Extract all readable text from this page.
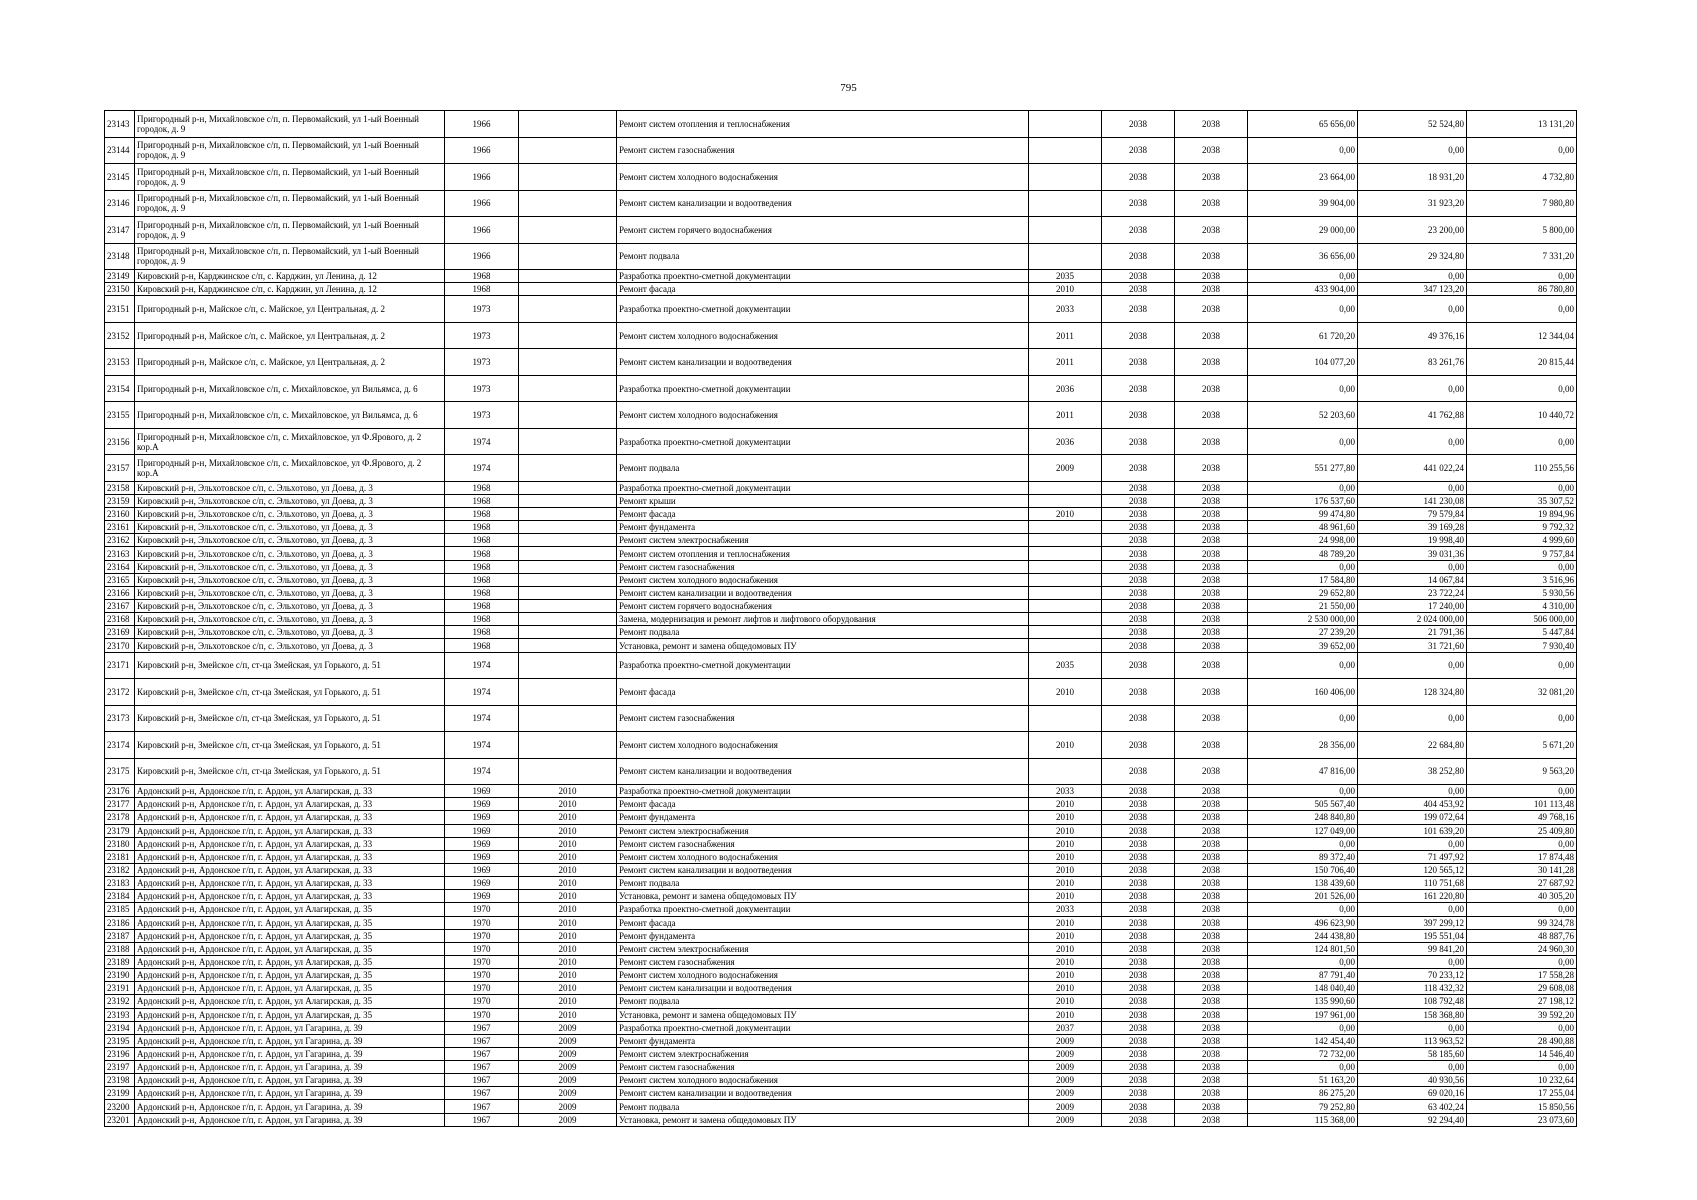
795
23143	Пригородный р-н, Михайловское с/п, п. Первомайский, ул 1-ый Военный городок, д. 9	1966		Ремонт систем отопления и теплоснабжения		2038	2038	65 656,00	52 524,80	13 131,20
23144	Пригородный р-н, Михайловское с/п, п. Первомайский, ул 1-ый Военный городок, д. 9	1966		Ремонт систем газоснабжения		2038	2038	0,00	0,00	0,00
23145	Пригородный р-н, Михайловское с/п, п. Первомайский, ул 1-ый Военный городок, д. 9	1966		Ремонт систем холодного водоснабжения		2038	2038	23 664,00	18 931,20	4 732,80
23146	Пригородный р-н, Михайловское с/п, п. Первомайский, ул 1-ый Военный городок, д. 9	1966		Ремонт систем канализации и водоотведения		2038	2038	39 904,00	31 923,20	7 980,80
23147	Пригородный р-н, Михайловское с/п, п. Первомайский, ул 1-ый Военный городок, д. 9	1966		Ремонт систем горячего водоснабжения		2038	2038	29 000,00	23 200,00	5 800,00
23148	Пригородный р-н, Михайловское с/п, п. Первомайский, ул 1-ый Военный городок, д. 9	1966		Ремонт подвала		2038	2038	36 656,00	29 324,80	7 331,20
23149	Кировский р-н, Карджинское с/п, с. Карджин, ул Ленина, д. 12	1968		Разработка проектно-сметной документации	2035	2038	2038	0,00	0,00	0,00
23150	Кировский р-н, Карджинское с/п, с. Карджин, ул Ленина, д. 12	1968		Ремонт фасада	2010	2038	2038	433 904,00	347 123,20	86 780,80
23151	Пригородный р-н, Майское с/п, с. Майское, ул Центральная, д. 2	1973		Разработка проектно-сметной документации	2033	2038	2038	0,00	0,00	0,00
23152	Пригородный р-н, Майское с/п, с. Майское, ул Центральная, д. 2	1973		Ремонт систем холодного водоснабжения	2011	2038	2038	61 720,20	49 376,16	12 344,04
23153	Пригородный р-н, Майское с/п, с. Майское, ул Центральная, д. 2	1973		Ремонт систем канализации и водоотведения	2011	2038	2038	104 077,20	83 261,76	20 815,44
23154	Пригородный р-н, Михайловское с/п, с. Михайловское, ул Вильямса, д. 6	1973		Разработка проектно-сметной документации	2036	2038	2038	0,00	0,00	0,00
23155	Пригородный р-н, Михайловское с/п, с. Михайловское, ул Вильямса, д. 6	1973		Ремонт систем холодного водоснабжения	2011	2038	2038	52 203,60	41 762,88	10 440,72
23156	Пригородный р-н, Михайловское с/п, с. Михайловское, ул Ф.Ярового, д. 2 кор.А	1974		Разработка проектно-сметной документации	2036	2038	2038	0,00	0,00	0,00
23157	Пригородный р-н, Михайловское с/п, с. Михайловское, ул Ф.Ярового, д. 2 кор.А	1974		Ремонт подвала	2009	2038	2038	551 277,80	441 022,24	110 255,56
23158	Кировский р-н, Эльхотовское с/п, с. Эльхотово, ул Доева, д. 3	1968		Разработка проектно-сметной документации		2038	2038	0,00	0,00	0,00
23159	Кировский р-н, Эльхотовское с/п, с. Эльхотово, ул Доева, д. 3	1968		Ремонт крыши		2038	2038	176 537,60	141 230,08	35 307,52
23160	Кировский р-н, Эльхотовское с/п, с. Эльхотово, ул Доева, д. 3	1968		Ремонт фасада	2010	2038	2038	99 474,80	79 579,84	19 894,96
23161	Кировский р-н, Эльхотовское с/п, с. Эльхотово, ул Доева, д. 3	1968		Ремонт фундамента		2038	2038	48 961,60	39 169,28	9 792,32
23162	Кировский р-н, Эльхотовское с/п, с. Эльхотово, ул Доева, д. 3	1968		Ремонт систем электроснабжения		2038	2038	24 998,00	19 998,40	4 999,60
23163	Кировский р-н, Эльхотовское с/п, с. Эльхотово, ул Доева, д. 3	1968		Ремонт систем отопления и теплоснабжения		2038	2038	48 789,20	39 031,36	9 757,84
23164	Кировский р-н, Эльхотовское с/п, с. Эльхотово, ул Доева, д. 3	1968		Ремонт систем газоснабжения		2038	2038	0,00	0,00	0,00
23165	Кировский р-н, Эльхотовское с/п, с. Эльхотово, ул Доева, д. 3	1968		Ремонт систем холодного водоснабжения		2038	2038	17 584,80	14 067,84	3 516,96
23166	Кировский р-н, Эльхотовское с/п, с. Эльхотово, ул Доева, д. 3	1968		Ремонт систем канализации и водоотведения		2038	2038	29 652,80	23 722,24	5 930,56
23167	Кировский р-н, Эльхотовское с/п, с. Эльхотово, ул Доева, д. 3	1968		Ремонт систем горячего водоснабжения		2038	2038	21 550,00	17 240,00	4 310,00
23168	Кировский р-н, Эльхотовское с/п, с. Эльхотово, ул Доева, д. 3	1968		Замена, модернизация и ремонт лифтов и лифтового оборудования		2038	2038	2 530 000,00	2 024 000,00	506 000,00
23169	Кировский р-н, Эльхотовское с/п, с. Эльхотово, ул Доева, д. 3	1968		Ремонт подвала		2038	2038	27 239,20	21 791,36	5 447,84
23170	Кировский р-н, Эльхотовское с/п, с. Эльхотово, ул Доева, д. 3	1968		Установка, ремонт и замена общедомовых ПУ		2038	2038	39 652,00	31 721,60	7 930,40
23171	Кировский р-н, Змейское с/п, ст-ца Змейская, ул Горького, д. 51	1974		Разработка проектно-сметной документации	2035	2038	2038	0,00	0,00	0,00
23172	Кировский р-н, Змейское с/п, ст-ца Змейская, ул Горького, д. 51	1974		Ремонт фасада	2010	2038	2038	160 406,00	128 324,80	32 081,20
23173	Кировский р-н, Змейское с/п, ст-ца Змейская, ул Горького, д. 51	1974		Ремонт систем газоснабжения		2038	2038	0,00	0,00	0,00
23174	Кировский р-н, Змейское с/п, ст-ца Змейская, ул Горького, д. 51	1974		Ремонт систем холодного водоснабжения	2010	2038	2038	28 356,00	22 684,80	5 671,20
23175	Кировский р-н, Змейское с/п, ст-ца Змейская, ул Горького, д. 51	1974		Ремонт систем канализации и водоотведения		2038	2038	47 816,00	38 252,80	9 563,20
23176	Ардонский р-н, Ардонское г/п, г. Ардон, ул Алагирская, д. 33	1969	2010	Разработка проектно-сметной документации	2033	2038	2038	0,00	0,00	0,00
23177	Ардонский р-н, Ардонское г/п, г. Ардон, ул Алагирская, д. 33	1969	2010	Ремонт фасада	2010	2038	2038	505 567,40	404 453,92	101 113,48
23178	Ардонский р-н, Ардонское г/п, г. Ардон, ул Алагирская, д. 33	1969	2010	Ремонт фундамента	2010	2038	2038	248 840,80	199 072,64	49 768,16
23179	Ардонский р-н, Ардонское г/п, г. Ардон, ул Алагирская, д. 33	1969	2010	Ремонт систем электроснабжения	2010	2038	2038	127 049,00	101 639,20	25 409,80
23180	Ардонский р-н, Ардонское г/п, г. Ардон, ул Алагирская, д. 33	1969	2010	Ремонт систем газоснабжения	2010	2038	2038	0,00	0,00	0,00
23181	Ардонский р-н, Ардонское г/п, г. Ардон, ул Алагирская, д. 33	1969	2010	Ремонт систем холодного водоснабжения	2010	2038	2038	89 372,40	71 497,92	17 874,48
23182	Ардонский р-н, Ардонское г/п, г. Ардон, ул Алагирская, д. 33	1969	2010	Ремонт систем канализации и водоотведения	2010	2038	2038	150 706,40	120 565,12	30 141,28
23183	Ардонский р-н, Ардонское г/п, г. Ардон, ул Алагирская, д. 33	1969	2010	Ремонт подвала	2010	2038	2038	138 439,60	110 751,68	27 687,92
23184	Ардонский р-н, Ардонское г/п, г. Ардон, ул Алагирская, д. 33	1969	2010	Установка, ремонт и замена общедомовых ПУ	2010	2038	2038	201 526,00	161 220,80	40 305,20
23185	Ардонский р-н, Ардонское г/п, г. Ардон, ул Алагирская, д. 35	1970	2010	Разработка проектно-сметной документации	2033	2038	2038	0,00	0,00	0,00
23186	Ардонский р-н, Ардонское г/п, г. Ардон, ул Алагирская, д. 35	1970	2010	Ремонт фасада	2010	2038	2038	496 623,90	397 299,12	99 324,78
23187	Ардонский р-н, Ардонское г/п, г. Ардон, ул Алагирская, д. 35	1970	2010	Ремонт фундамента	2010	2038	2038	244 438,80	195 551,04	48 887,76
23188	Ардонский р-н, Ардонское г/п, г. Ардон, ул Алагирская, д. 35	1970	2010	Ремонт систем электроснабжения	2010	2038	2038	124 801,50	99 841,20	24 960,30
23189	Ардонский р-н, Ардонское г/п, г. Ардон, ул Алагирская, д. 35	1970	2010	Ремонт систем газоснабжения	2010	2038	2038	0,00	0,00	0,00
23190	Ардонский р-н, Ардонское г/п, г. Ардон, ул Алагирская, д. 35	1970	2010	Ремонт систем холодного водоснабжения	2010	2038	2038	87 791,40	70 233,12	17 558,28
23191	Ардонский р-н, Ардонское г/п, г. Ардон, ул Алагирская, д. 35	1970	2010	Ремонт систем канализации и водоотведения	2010	2038	2038	148 040,40	118 432,32	29 608,08
23192	Ардонский р-н, Ардонское г/п, г. Ардон, ул Алагирская, д. 35	1970	2010	Ремонт подвала	2010	2038	2038	135 990,60	108 792,48	27 198,12
23193	Ардонский р-н, Ардонское г/п, г. Ардон, ул Алагирская, д. 35	1970	2010	Установка, ремонт и замена общедомовых ПУ	2010	2038	2038	197 961,00	158 368,80	39 592,20
23194	Ардонский р-н, Ардонское г/п, г. Ардон, ул Гагарина, д. 39	1967	2009	Разработка проектно-сметной документации	2037	2038	2038	0,00	0,00	0,00
23195	Ардонский р-н, Ардонское г/п, г. Ардон, ул Гагарина, д. 39	1967	2009	Ремонт фундамента	2009	2038	2038	142 454,40	113 963,52	28 490,88
23196	Ардонский р-н, Ардонское г/п, г. Ардон, ул Гагарина, д. 39	1967	2009	Ремонт систем электроснабжения	2009	2038	2038	72 732,00	58 185,60	14 546,40
23197	Ардонский р-н, Ардонское г/п, г. Ардон, ул Гагарина, д. 39	1967	2009	Ремонт систем газоснабжения	2009	2038	2038	0,00	0,00	0,00
23198	Ардонский р-н, Ардонское г/п, г. Ардон, ул Гагарина, д. 39	1967	2009	Ремонт систем холодного водоснабжения	2009	2038	2038	51 163,20	40 930,56	10 232,64
23199	Ардонский р-н, Ардонское г/п, г. Ардон, ул Гагарина, д. 39	1967	2009	Ремонт систем канализации и водоотведения	2009	2038	2038	86 275,20	69 020,16	17 255,04
23200	Ардонский р-н, Ардонское г/п, г. Ардон, ул Гагарина, д. 39	1967	2009	Ремонт подвала	2009	2038	2038	79 252,80	63 402,24	15 850,56
23201	Ардонский р-н, Ардонское г/п, г. Ардон, ул Гагарина, д. 39	1967	2009	Установка, ремонт и замена общедомовых ПУ	2009	2038	2038	115 368,00	92 294,40	23 073,60
